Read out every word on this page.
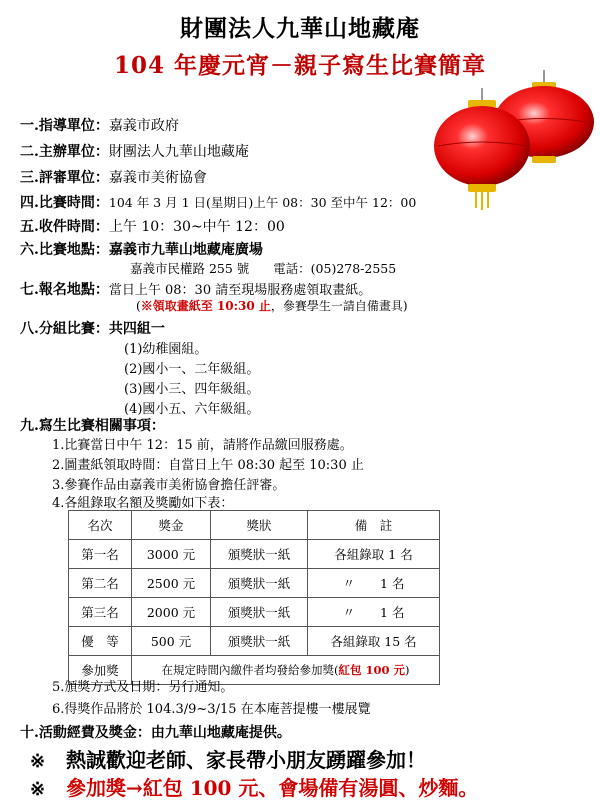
財團法人九華山地藏庵
104 年慶元宵－親子寫生比賽簡章
一.指導單位：嘉義市政府
二.主辦單位：財團法人九華山地藏庵
三.評審單位：嘉義市美術協會
四.比賽時間：104 年 3 月 1 日(星期日)上午 08：30 至中午 12：00
五.收件時間：上午 10：30~中午 12：00
六.比賽地點：嘉義市九華山地藏庵廣場
嘉義市民權路 255 號 電話：(05)278-2555
七.報名地點：當日上午 08：30 請至現場服務處領取畫紙。
(※領取畫紙至 10:30 止，參賽學生一請自備畫具)
八.分組比賽：共四組一
(1)幼稚園組。
(2)國小一、二年級組。
(3)國小三、四年級組。
(4)國小五、六年級組。
九.寫生比賽相關事項：
1.比賽當日中午 12：15 前，請將作品繳回服務處。
2.圖畫紙領取時間：自當日上午 08:30 起至 10:30 止
3.參賽作品由嘉義市美術協會擔任評審。
4.各組錄取名額及獎勵如下表：
名次	獎金	獎狀	備　註
第一名	3000 元	頒獎狀一紙	各組錄取 1 名
第二名	2500 元	頒獎狀一紙	〃　　1 名
第三名	2000 元	頒獎狀一紙	〃　　1 名
優　等	500 元	頒獎狀一紙	各組錄取 15 名
參加獎	在規定時間內繳件者均發給參加獎(紅包 100 元)		
5.頒獎方式及日期：另行通知。
6.得獎作品將於 104.3/9~3/15 在本庵菩提樓一樓展覽
十.活動經費及獎金：由九華山地藏庵提供。
※ 熱誠歡迎老師、家長帶小朋友踴躍參加！
※ 參加獎→紅包 100 元、會場備有湯圓、炒麵。
